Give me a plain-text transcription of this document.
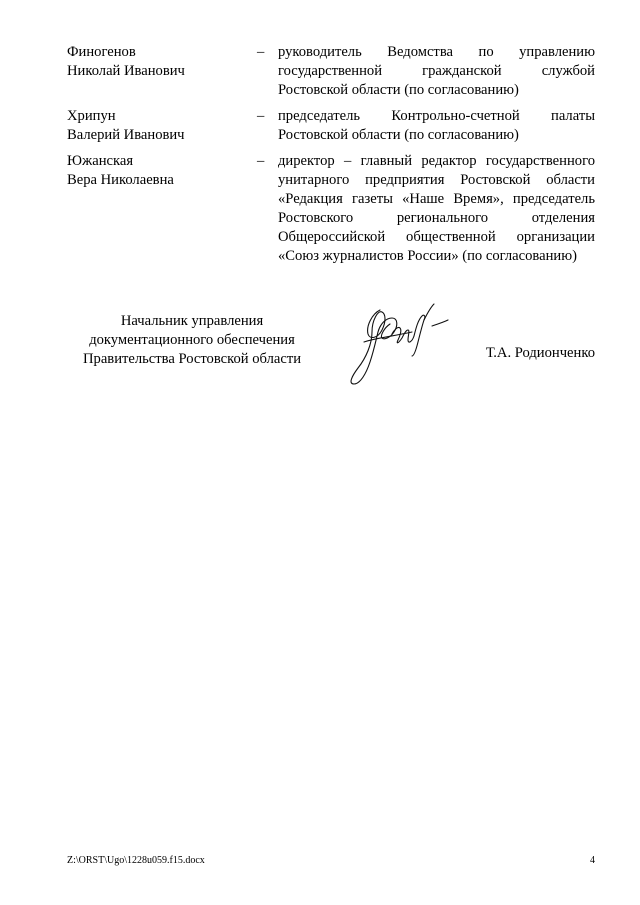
Финогенов
Николай Иванович
– руководитель Ведомства по управлению государственной гражданской службой Ростовской области (по согласованию)
Хрипун
Валерий Иванович
– председатель Контрольно-счетной палаты Ростовской области (по согласованию)
Южанская
Вера Николаевна
– директор – главный редактор государственного унитарного предприятия Ростовской области «Редакция газеты «Наше Время», председатель Ростовского регионального отделения Общероссийской общественной организации «Союз журналистов России» (по согласованию)
Начальник управления
документационного обеспечения
Правительства Ростовской области	Т.А. Родионченко
Z:\ORST\Ugo\1228u059.f15.docx	4
